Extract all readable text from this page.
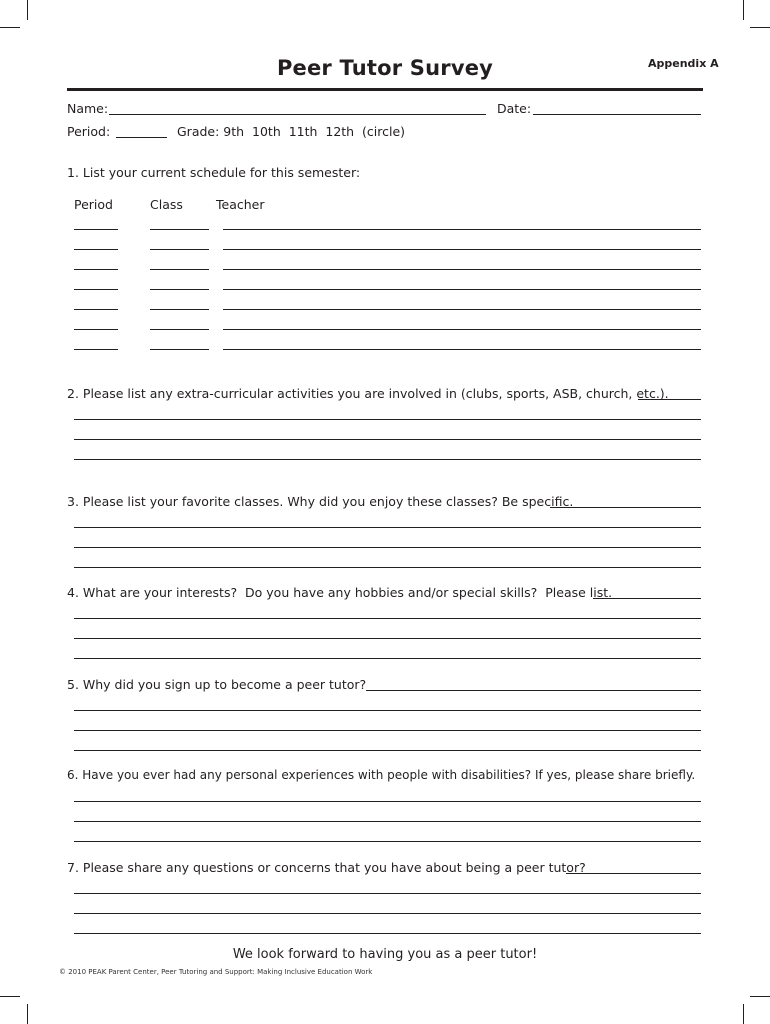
Appendix A
Peer Tutor Survey
Name:	Date:
Period:	Grade: 9th  10th  11th  12th  (circle)
1. List your current schedule for this semester:
Period	Class	Teacher
2. Please list any extra-curricular activities you are involved in (clubs, sports, ASB, church, etc.).
3. Please list your favorite classes. Why did you enjoy these classes? Be specific.
4. What are your interests?  Do you have any hobbies and/or special skills?  Please list.
5. Why did you sign up to become a peer tutor?
6. Have you ever had any personal experiences with people with disabilities? If yes, please share briefly.
7. Please share any questions or concerns that you have about being a peer tutor?
We look forward to having you as a peer tutor!
© 2010 PEAK Parent Center, Peer Tutoring and Support: Making Inclusive Education Work
